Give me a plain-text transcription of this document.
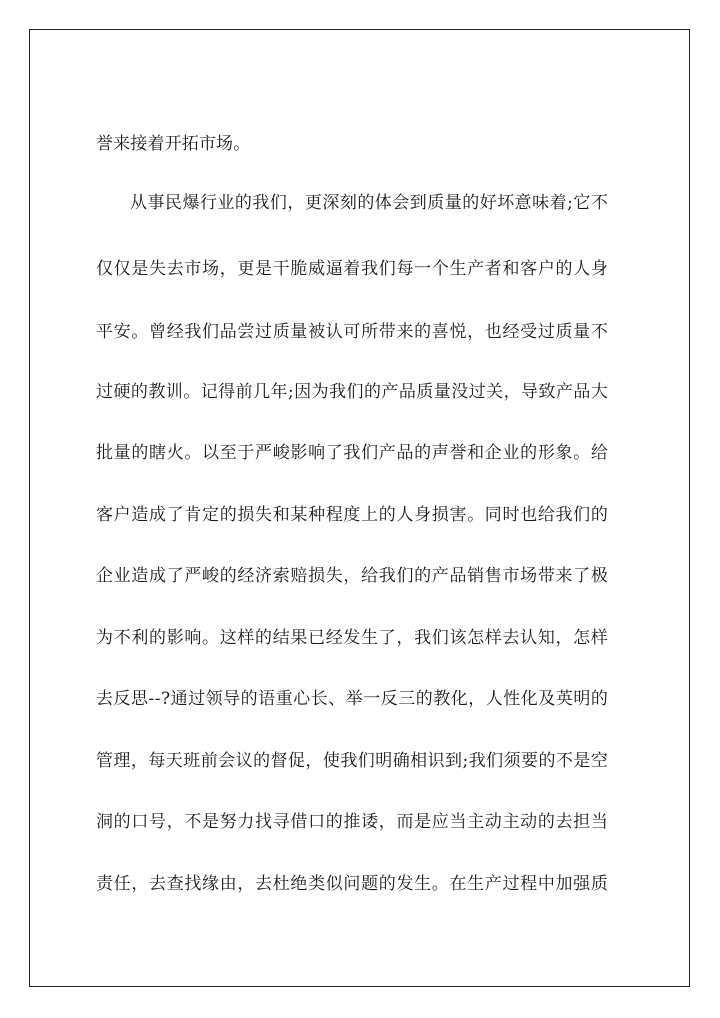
誉来接着开拓市场。
从事民爆行业的我们，更深刻的体会到质量的好坏意味着;它不
仅仅是失去市场，更是干脆威逼着我们每一个生产者和客户的人身
平安。曾经我们品尝过质量被认可所带来的喜悦，也经受过质量不
过硬的教训。记得前几年;因为我们的产品质量没过关，导致产品大
批量的瞎火。以至于严峻影响了我们产品的声誉和企业的形象。给
客户造成了肯定的损失和某种程度上的人身损害。同时也给我们的
企业造成了严峻的经济索赔损失，给我们的产品销售市场带来了极
为不利的影响。这样的结果已经发生了，我们该怎样去认知，怎样
去反思--?通过领导的语重心长、举一反三的教化，人性化及英明的
管理，每天班前会议的督促，使我们明确相识到;我们须要的不是空
洞的口号，不是努力找寻借口的推诿，而是应当主动主动的去担当
责任，去查找缘由，去杜绝类似问题的发生。在生产过程中加强质
